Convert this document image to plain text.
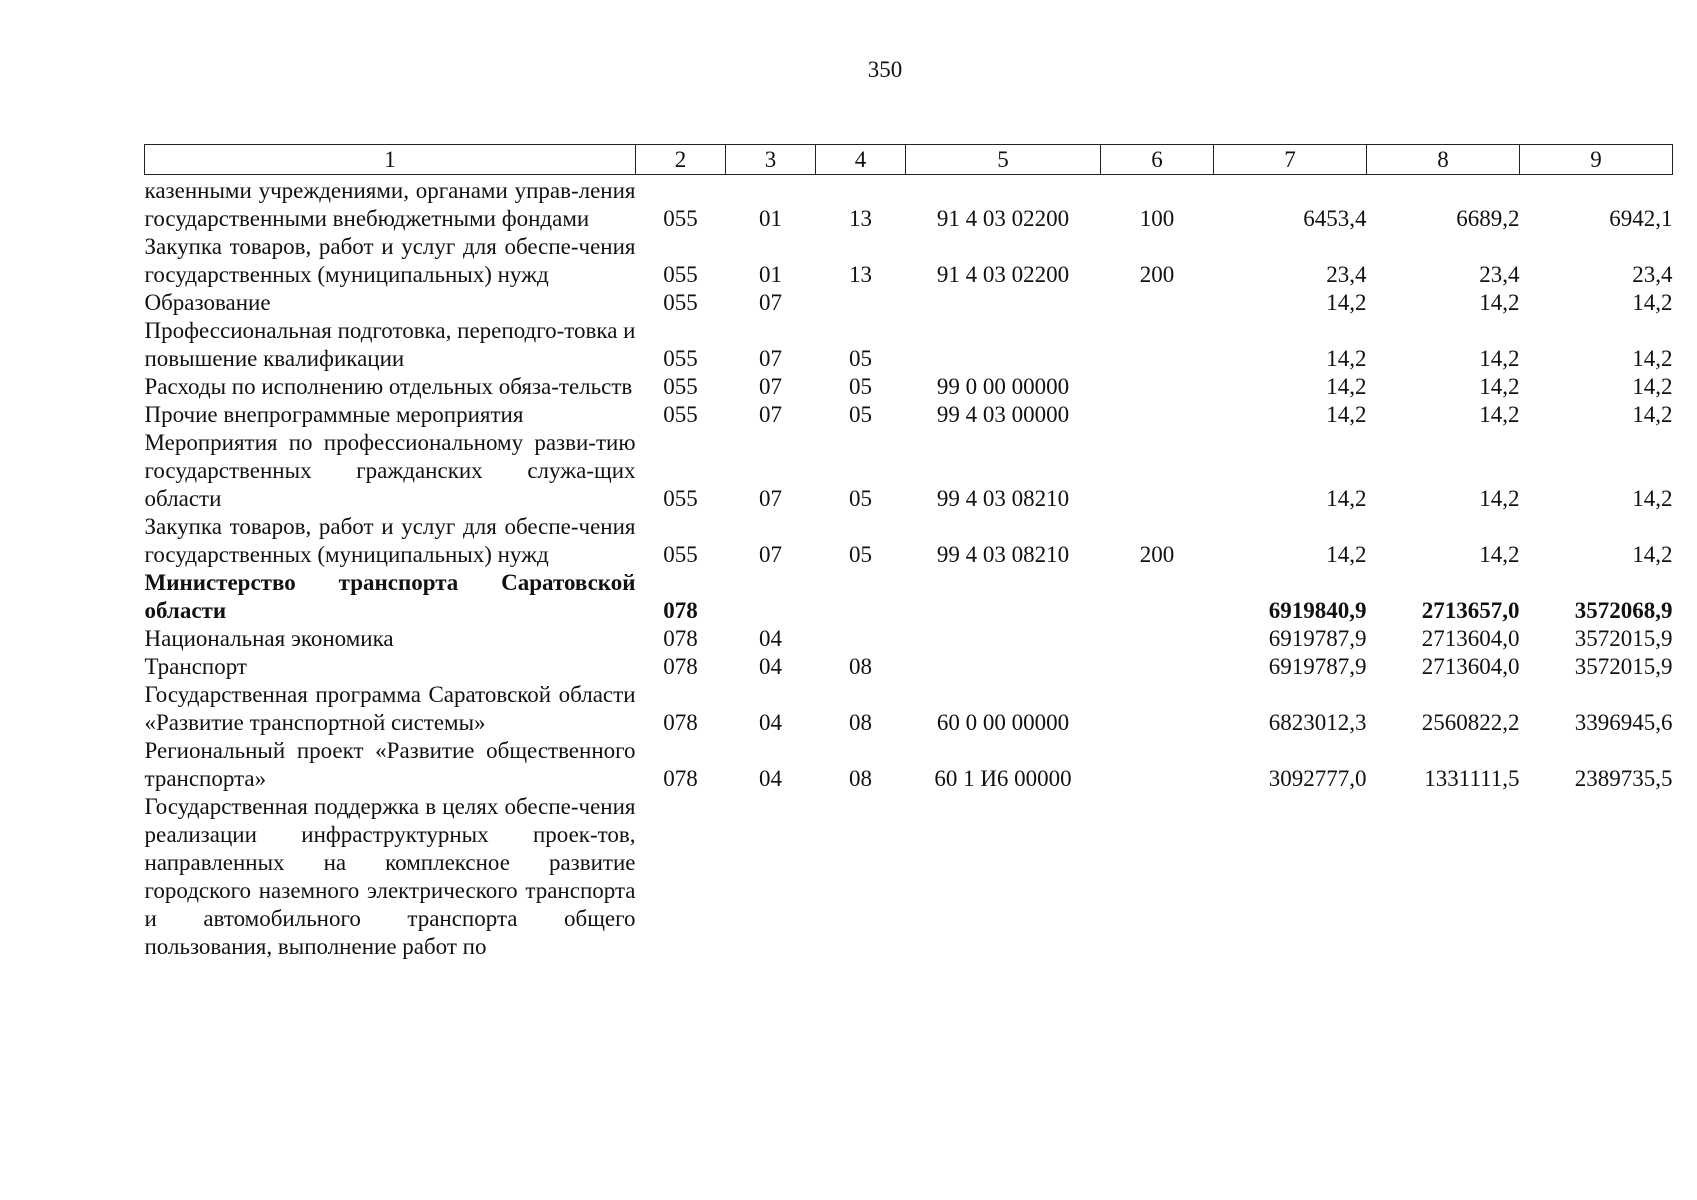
350
1	2	3	4	5	6	7	8	9
казенными учреждениями, органами управ-ления государственными внебюджетными фондами	055	01	13	91 4 03 02200	100	6453,4	6689,2	6942,1
Закупка товаров, работ и услуг для обеспе-чения государственных (муниципальных) нужд	055	01	13	91 4 03 02200	200	23,4	23,4	23,4
Образование	055	07				14,2	14,2	14,2
Профессиональная подготовка, переподго-товка и повышение квалификации	055	07	05			14,2	14,2	14,2
Расходы по исполнению отдельных обяза-тельств	055	07	05	99 0 00 00000		14,2	14,2	14,2
Прочие внепрограммные мероприятия	055	07	05	99 4 03 00000		14,2	14,2	14,2
Мероприятия по профессиональному разви-тию государственных гражданских служа-щих области	055	07	05	99 4 03 08210		14,2	14,2	14,2
Закупка товаров, работ и услуг для обеспе-чения государственных (муниципальных) нужд	055	07	05	99 4 03 08210	200	14,2	14,2	14,2
Министерство транспорта Саратовской области	078					6919840,9	2713657,0	3572068,9
Национальная экономика	078	04				6919787,9	2713604,0	3572015,9
Транспорт	078	04	08			6919787,9	2713604,0	3572015,9
Государственная программа Саратовской области «Развитие транспортной системы»	078	04	08	60 0 00 00000		6823012,3	2560822,2	3396945,6
Региональный проект «Развитие общественного транспорта»	078	04	08	60 1 И6 00000		3092777,0	1331111,5	2389735,5
Государственная поддержка в целях обеспе-чения реализации инфраструктурных проек-тов, направленных на комплексное развитие городского наземного электрического транспорта и автомобильного транспорта общего пользования, выполнение работ по								
